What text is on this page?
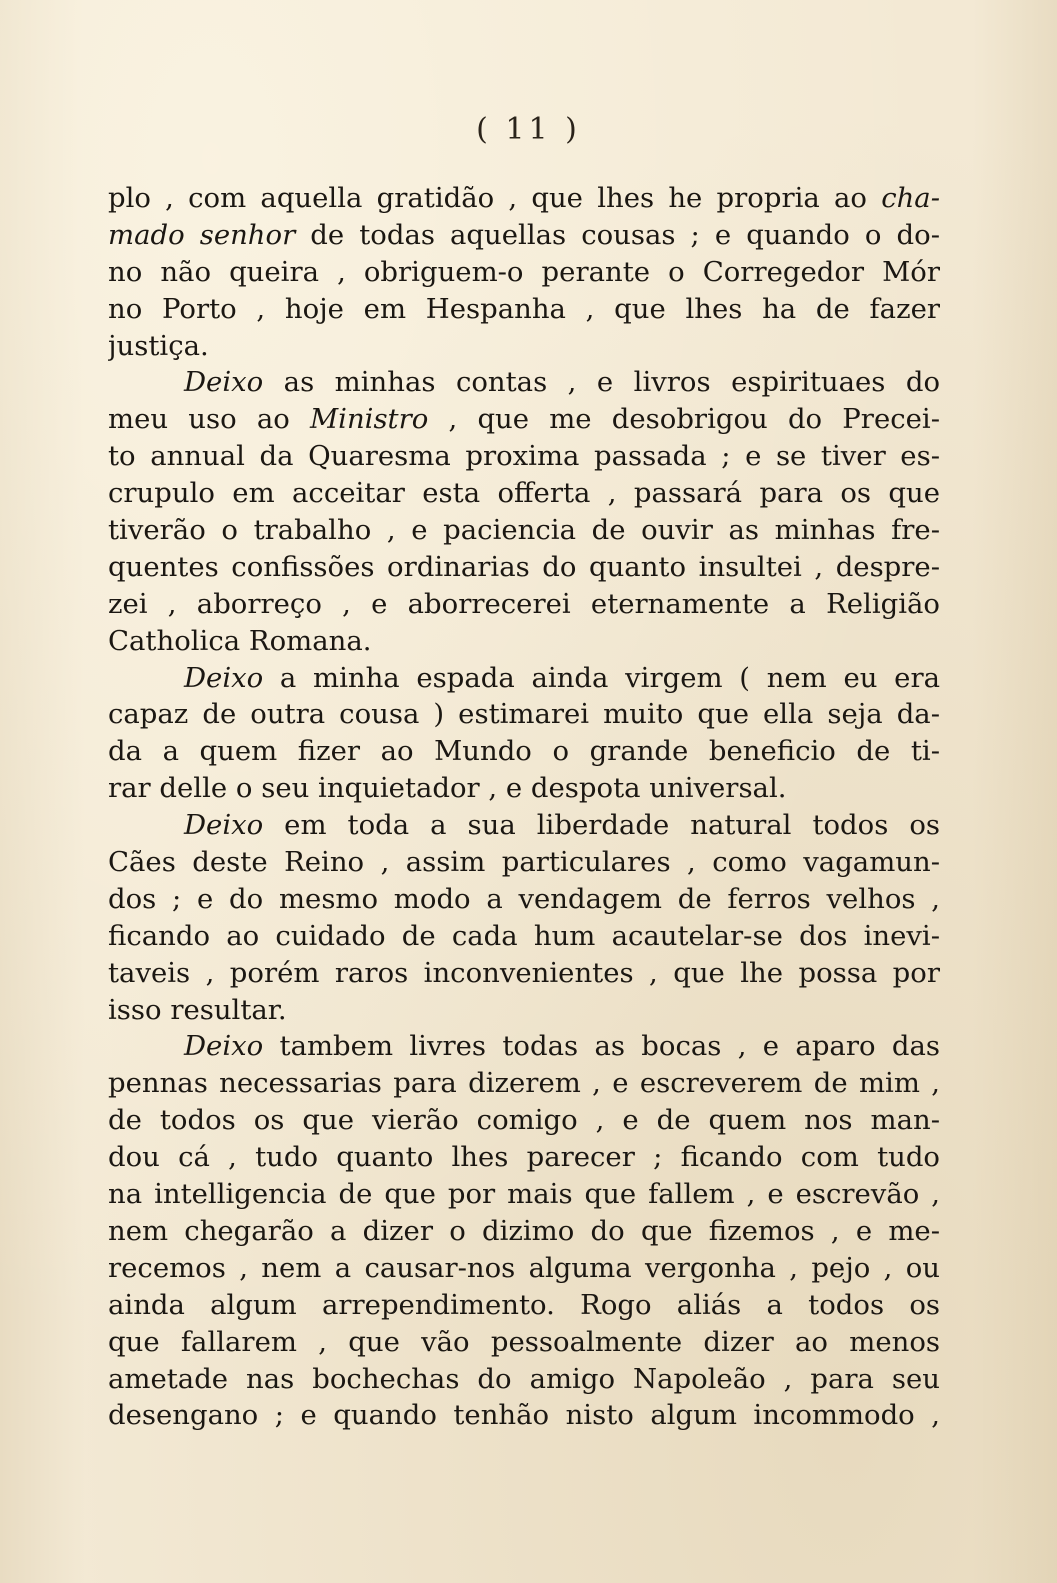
( 11 )
plo , com aquella gratidão , que lhes he propria ao cha-
mado senhor de todas aquellas cousas ; e quando o do-
no não queira , obriguem-o perante o Corregedor Mór
no Porto , hoje em Hespanha , que lhes ha de fazer
justiça.
Deixo as minhas contas , e livros espirituaes do
meu uso ao Ministro , que me desobrigou do Precei-
to annual da Quaresma proxima passada ; e se tiver es-
crupulo em acceitar esta offerta , passará para os que
tiverão o trabalho , e paciencia de ouvir as minhas fre-
quentes confissões ordinarias do quanto insultei , despre-
zei , aborreço , e aborrecerei eternamente a Religião
Catholica Romana.
Deixo a minha espada ainda virgem ( nem eu era
capaz de outra cousa ) estimarei muito que ella seja da-
da a quem fizer ao Mundo o grande beneficio de ti-
rar delle o seu inquietador , e despota universal.
Deixo em toda a sua liberdade natural todos os
Cães deste Reino , assim particulares , como vagamun-
dos ; e do mesmo modo a vendagem de ferros velhos ,
ficando ao cuidado de cada hum acautelar-se dos inevi-
taveis , porém raros inconvenientes , que lhe possa por
isso resultar.
Deixo tambem livres todas as bocas , e aparo das
pennas necessarias para dizerem , e escreverem de mim ,
de todos os que vierão comigo , e de quem nos man-
dou cá , tudo quanto lhes parecer ; ficando com tudo
na intelligencia de que por mais que fallem , e escrevão ,
nem chegarão a dizer o dizimo do que fizemos , e me-
recemos , nem a causar-nos alguma vergonha , pejo , ou
ainda algum arrependimento. Rogo aliás a todos os
que fallarem , que vão pessoalmente dizer ao menos
ametade nas bochechas do amigo Napoleão , para seu
desengano ; e quando tenhão nisto algum incommodo ,
